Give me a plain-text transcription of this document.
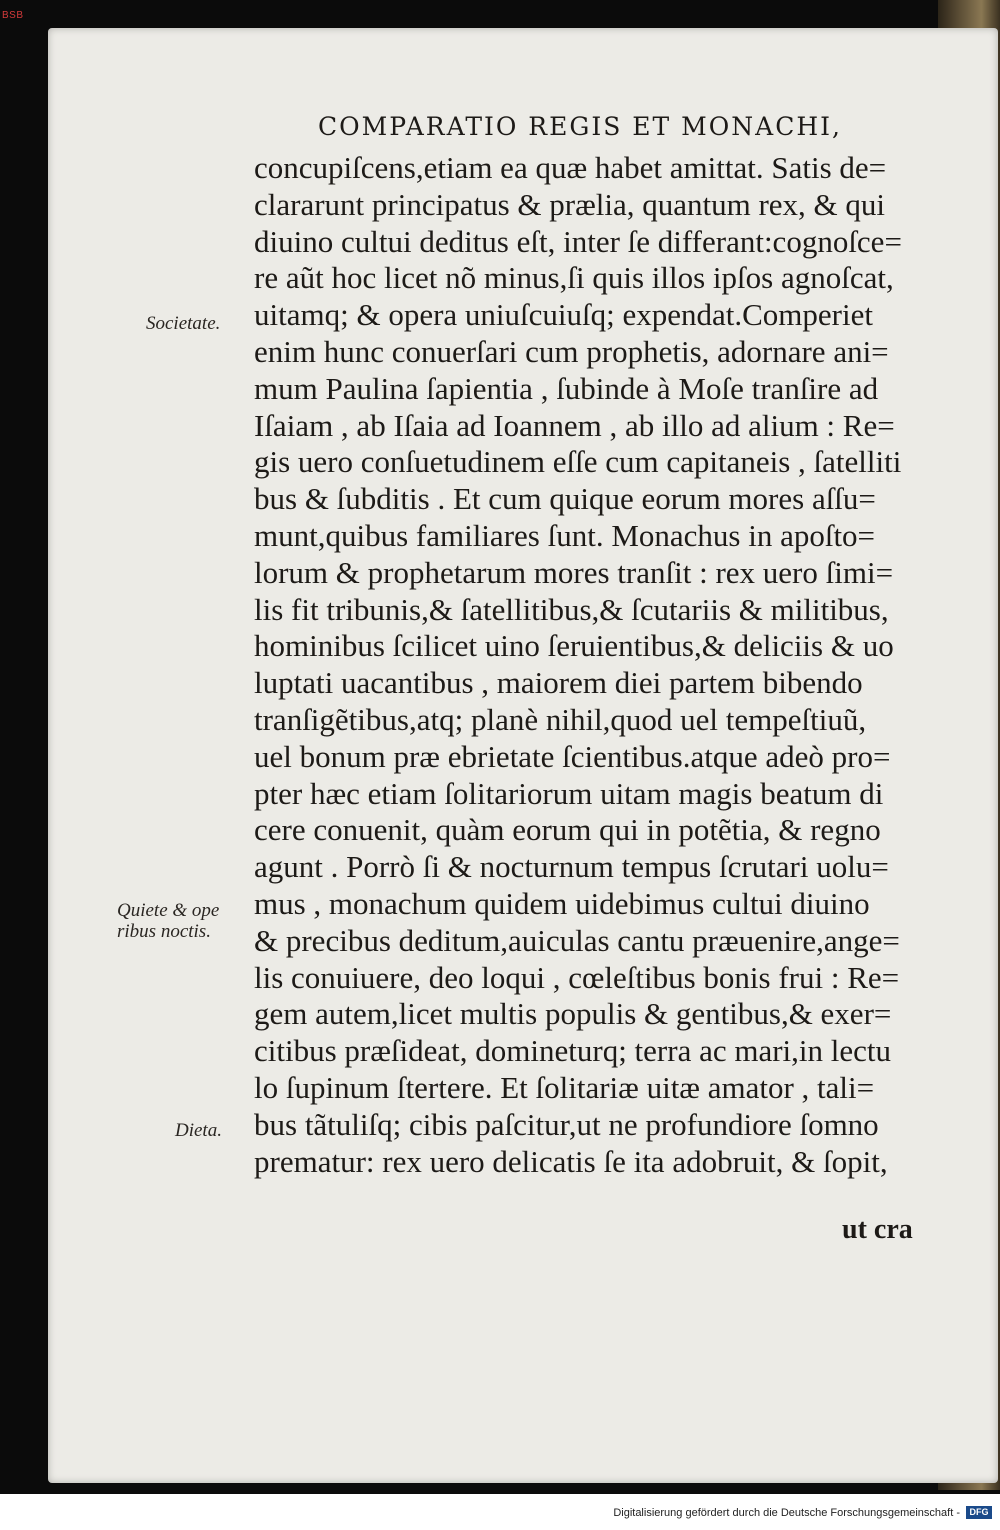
BSB
COMPARATIO REGIS ET MONACHI,
concupiſcens,etiam ea quæ habet amittat. Satis de=
clararunt principatus & prælia, quantum rex, & qui
diuino cultui deditus eſt, inter ſe differant:cognoſce=
re aũt hoc licet nõ minus,ſi quis illos ipſos agnoſcat,
uitamq; & opera uniuſcuiuſq; expendat.Comperiet
enim hunc conuerſari cum prophetis, adornare ani=
mum Paulina ſapientia , ſubinde à Moſe tranſire ad
Iſaiam , ab Iſaia ad Ioannem , ab illo ad alium : Re=
gis uero conſuetudinem eſſe cum capitaneis , ſatelliti
bus & ſubditis . Et cum quique eorum mores aſſu=
munt,quibus familiares ſunt. Monachus in apoſto=
lorum & prophetarum mores tranſit : rex uero ſimi=
lis fit tribunis,& ſatellitibus,& ſcutariis & militibus,
hominibus ſcilicet uino ſeruientibus,& deliciis & uo
luptati uacantibus , maiorem diei partem bibendo
tranſigẽtibus,atq; planè nihil,quod uel tempeſtiuũ,
uel bonum præ ebrietate ſcientibus.atque adeò pro=
pter hæc etiam ſolitariorum uitam magis beatum di
cere conuenit, quàm eorum qui in potẽtia, & regno
agunt . Porrò ſi & nocturnum tempus ſcrutari uolu=
mus , monachum quidem uidebimus cultui diuino
& precibus deditum,auiculas cantu præuenire,ange=
lis conuiuere, deo loqui , cœleſtibus bonis frui : Re=
gem autem,licet multis populis & gentibus,& exer=
citibus præſideat, domineturq; terra ac mari,in lectu
lo ſupinum ſtertere. Et ſolitariæ uitæ amator , tali=
bus tãtuliſq; cibis paſcitur,ut ne profundiore ſomno
prematur: rex uero delicatis ſe ita adobruit, & ſopit,
ut cra
Societate.
Quiete & ope
ribus noctis.
Dieta.
Digitalisierung gefördert durch die Deutsche Forschungsgemeinschaft -	DFG
